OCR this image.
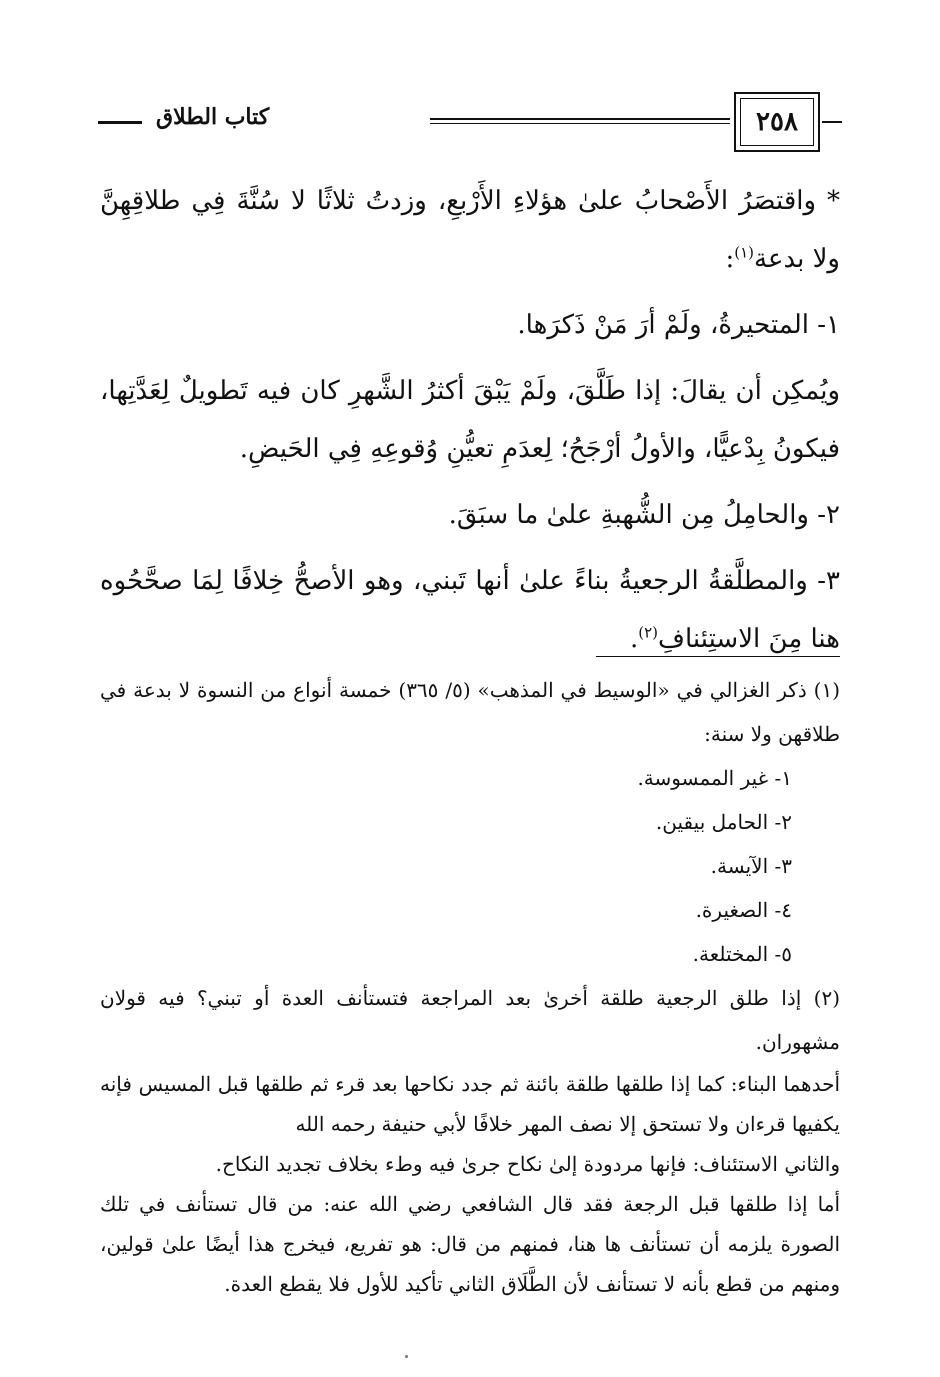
٢٥٨
كتاب الطلاق

* واقتصَرُ الأَصْحابُ علىٰ هؤلاءِ الأَرْبعِ، وزدتُ ثلاثًا لا سُنَّةَ فِي طلاقِهِنَّ ولا بدعة$^{(١)}$:

١- المتحيرةُ، ولَمْ أرَ مَنْ ذَكرَها.

ويُمكِن أن يقالَ: إذا طَلَّقَ، ولَمْ يَبْقَ أكثرُ الشَّهرِ كان فيه تَطويلٌ لِعَدَّتِها، فيكونُ بِدْعيًّا، والأولُ أرْجَحُ؛ لِعدَمِ تعيُّنِ وُقوعِهِ فِي الحَيضِ.

٢- والحامِلُ مِن الشُّهبةِ علىٰ ما سبَقَ.

٣- والمطلَّقةُ الرجعيةُ بناءً علىٰ أنها تَبني، وهو الأصحُّ خِلافًا لِمَا صحَّحُوه هنا مِنَ الاستِئنافِ$^{(٢)}$.

(١) ذكر الغزالي في «الوسيط في المذهب» (٥/ ٣٦٥) خمسة أنواع من النسوة لا بدعة في طلاقهن ولا سنة:

١- غير الممسوسة.

٢- الحامل بيقين.

٣- الآيسة.

٤- الصغيرة.

٥- المختلعة.

(٢) إذا طلق الرجعية طلقة أخرىٰ بعد المراجعة فتستأنف العدة أو تبني؟ فيه قولان مشهوران.

أحدهما البناء: كما إذا طلقها طلقة بائنة ثم جدد نكاحها بعد قرء ثم طلقها قبل المسيس فإنه يكفيها قرءان ولا تستحق إلا نصف المهر خلافًا لأبي حنيفة رحمه الله

والثاني الاستئناف: فإنها مردودة إلىٰ نكاح جرىٰ فيه وطء بخلاف تجديد النكاح.

أما إذا طلقها قبل الرجعة فقد قال الشافعي رضي الله عنه: من قال تستأنف في تلك الصورة يلزمه أن تستأنف ها هنا، فمنهم من قال: هو تفريع، فيخرج هذا أيضًا علىٰ قولين، ومنهم من قطع بأنه لا تستأنف لأن الطَّلَاق الثاني تأكيد للأول فلا يقطع العدة.
